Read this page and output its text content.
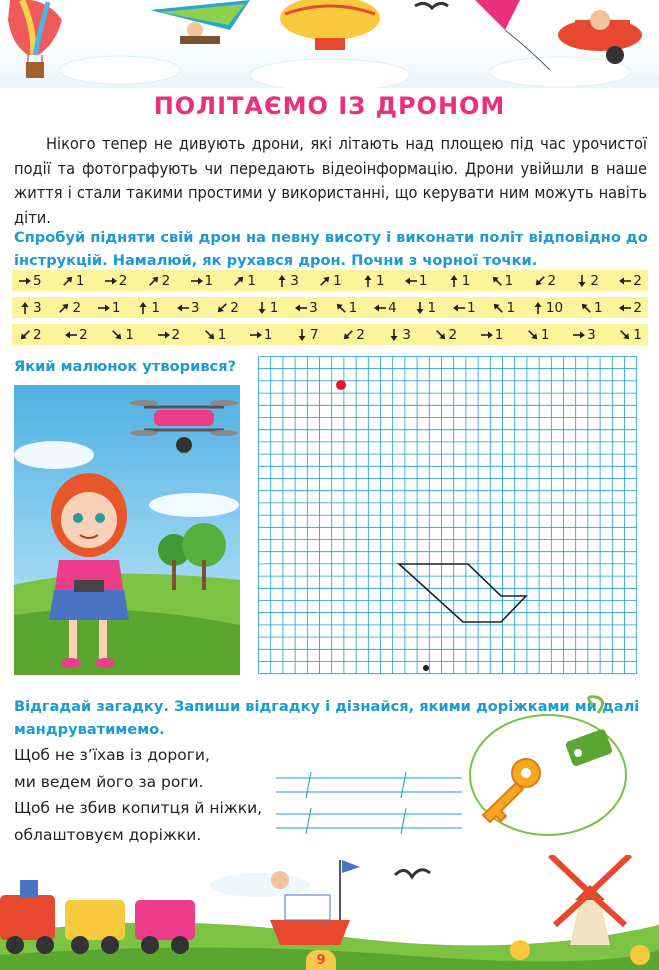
ПОЛІТАЄМО ІЗ ДРОНОМ

Нікого тепер не дивують дрони, які літають над площею під час урочистої події та фотографують чи передають відеоінформацію. Дрони увійшли в наше життя і стали такими простими у використанні, що керувати ним можуть навіть діти.

Спробуй підняти свій дрон на певну висоту і виконати політ відповідно до інструкцій. Намалюй, як рухався дрон. Почни з чорної точки.
5	1	2	2	1	1	3	1	1	1	1	1	2	2	2
3 2 1 1 3 2 1 3 1 4 1 1 1 10 1 2
2	2	1	2	1	1	7	2	3	2	1	1	3	1
Який малюнок утворився?
Відгадай загадку. Запиши відгадку і дізнайся, якими доріжками ми далі мандруватимемо.
Щоб не з’їхав із дороги,
ми ведем його за роги.
Щоб не збив копитця й ніжки,
облаштовуєм доріжки.
9
